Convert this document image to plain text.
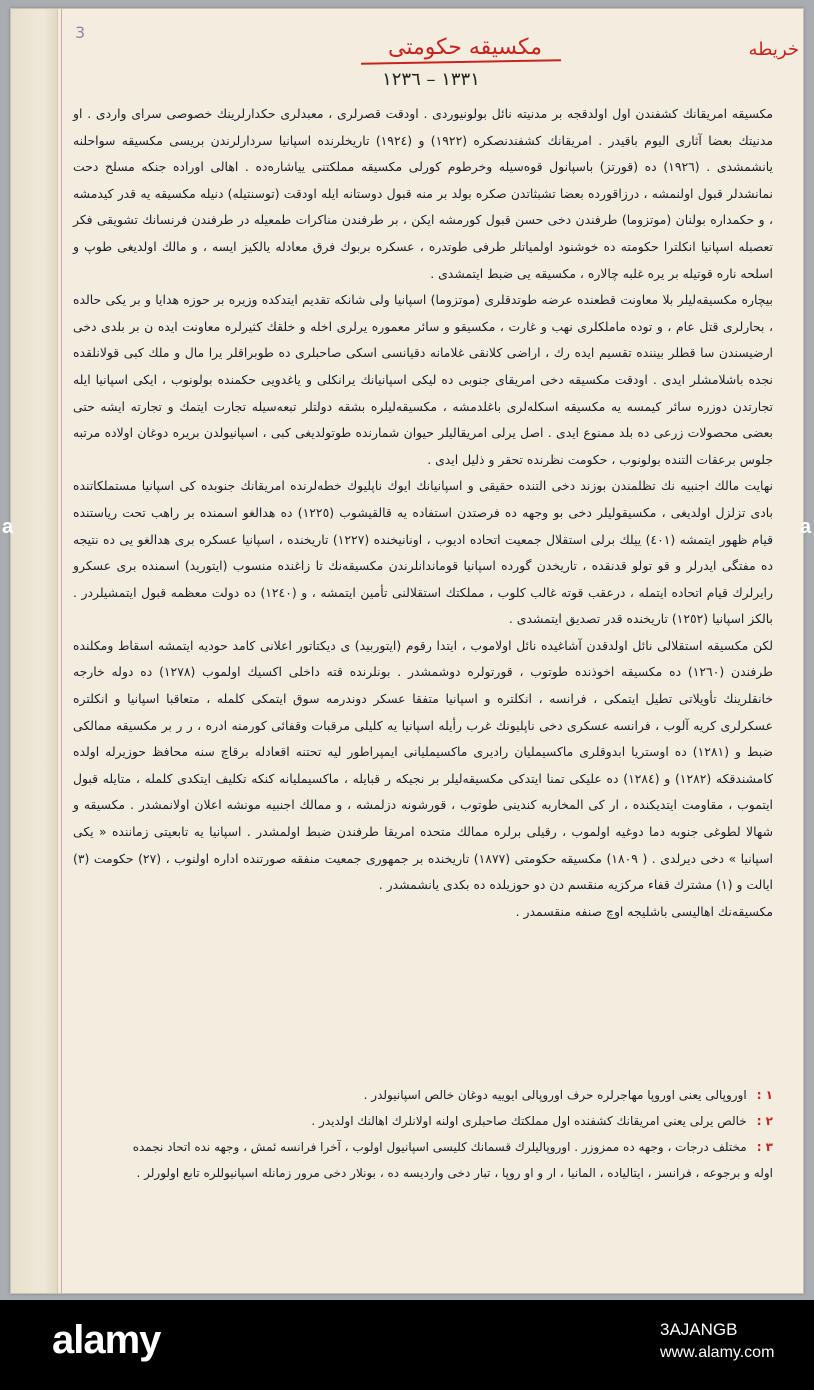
3
مكسيقە حكومتی	خريطە
١٣٣١ – ١٢٣٦

مكسيقە امريقانك كشفندن اول اولدقجە بر مدنيتە نائل بولونيوردی . اودقت قصرلری ، معبدلری حكدارلرينك خصوصی سرای واردی . او مدنيتك بعضا آثاری اليوم باقيدر . امريقانك كشفندنصكرە (١٩٢٢) و (١٩٢٤) تاريخلرندە اسپانيا سردارلرندن بريسی مكسيقە سواحلنە يانشمشدی . (١٩٢٦) دە (قورتز) باسپانول قوەسيلە وخرطوم كورلی مكسيقە مملكتنی يياشارەدە . اهالی اورادە جنكە مسلح دحت نمانشدلر قبول اولنمشە ، درزاقوردە بعضا تشبثاتدن صكرە بولد بر منە قبول دوستانە ايلە اودقت (توسنتيلە) دنيلە مكسيقە يە قدر كيدمشە ، و حكمدارە بولنان (موتزوما) طرفندن دخی حسن قبول كورمشە ايكن ، بر طرفندن مناكرات طمعيلە در طرفندن فرنسانك تشويقی فكر تعصبلە اسپانيا انكلترا حكومتە دە خوشنود اولمياتلر طرفی طوتدرە ، عسكرە بربوك فرق معادلە يالكيز ايسە ، و مالك اولديغی طوپ و اسلحە نارە قوتيلە بر يرە غلبە چالارە ، مكسيقە يی ضبط ايتمشدی .

بيچارە مكسيقەليلر بلا معاونت قطعندە عرضە طوتدقلری (موتزوما) اسپانيا ولی شانكە تقديم ايتدكدە وزيرە بر حوزە هدايا و بر يكی حالدە ، بحارلری قتل عام ، و توده ماملكلری نهب و غارت ، مكسيقو و سائر معمورە يرلری اخلە و خلقك كثيرلرە معاونت ايدە ن بر بلدی دخی ارضيسندن سا قطلر بيننده تقسيم ايدە رك ، اراضی كلانقی غلامانە دقيانسی اسكی صاحبلری دە طوبراقلر يرا مال و ملك كبی قولانلقدە نجدە باشلامشلر ايدی . اودقت مكسيقە دخی امريقای جنوبی دە ليكی اسپانيانك يرانكلی و ياغدويی حكمندە بولونوب ، ايكی اسپانيا ايلە تجارتدن دوزرە سائر كيمسە يە مكسيقە اسكلەلری باغلدمشە ، مكسيقەليلرە بشقە دولتلر تبعەسيلە تجارت ايتمك و تجارتە ايشە حتی بعضی محصولات زرعی دە بلد ممنوع ايدی . اصل يرلی امريقاليلر حيوان شمارندە طوتولديغی كبی ، اسپانيولدن بريرە دوغان اولادە مرتبە جلوس برعقات التندە بولونوب ، حكومت نظرندە تحقر و ذليل ايدی .

نهايت مالك اجنبيە نك تظلمندن بوزند دخی التندە حقيقی و اسپانيانك ايوك ناپليوك خطەلرندە امريقانك جنوبدە كی اسپانيا مستملكاتندە بادی تزلزل اولديغی ، مكسيقوليلر دخی بو وجهە دە فرصتدن استفادە يە قالقيشوب (١٢٢٥) دە هدالغو اسمندە بر راهب تحت رياستندە قيام ظهور ايتمشە (٤٠١) ييلك برلی استقلال جمعيت اتحادە اديوب ، اونانيخندە (١٢٢٧) تاريخندە ، اسپانيا عسكرە بری هدالغو يی دە نتيجە دە مفتگی ايدرلر و قو تولو قدنقدە ، تاريخدن گوردە اسپانيا قوماندانلرندن مكسيقەنك تا زاغندە منسوب (ايتوريد) اسمندە برى عسكرو رايرلرك قيام اتحادە ايتملە ، درعقب قوتە غالب كلوب ، مملكتك استقلالنی تأمين ايتمشە ، و (١٢٤٠) دە دولت معظمە قبول ايتمشيلردر . بالكز اسپانيا (١٢٥٢) تاريخندە قدر تصديق ايتمشدی .

لكن مكسيقە استقلالی نائل اولدقدن آشاغيدە نائل اولاموب ، ايتدا رقوم (ايتوربيد) ی ديكتاتور اعلانی كامد حوديە ايتمشە اسقاط ومكلندە طرفندن (١٢٦٠) دە مكسيقە اخوذندە طوتوب ، قورتولرە دوشمشدر . بونلرندە قته داخلی اكسيك اولموب (١٢٧٨) دە دولە خارجە خانقلرينك تأويلاتی تطيل ايتمكی ، فرانسە ، انكلترە و اسپانيا متفقا عسكر دوندرمە سوق ايتمكی كلملە ، متعاقبا اسپانيا و انكلترە عسكرلری كريە آلوب ، فرانسە عسكری دخی ناپليونك غرب رأيلە اسپانيا يە كليلی مرقبات وقفائی كورمنە ادرە ، ر ر بر مكسيقە ممالكی ضبط و (١٢٨١) دە اوستريا ابدوقلری ماكسيمليان رادیری ماكسيمليانی ايمپراطور ليە تحتنە اقعادلە برقاچ سنە محافظ حوزيرلە اولدە كامشندقكە (١٢٨٢) و (١٢٨٤) دە عليكی تمنا ايتدكی مكسيقەليلر بر نجيكە ر قبايلە ، ماكسيمليانە كنكە تكليف ايتكدى كلملە ، متايلە قبول ايتموب ، مقاومت ايتديكندە ، ار كی المخاربە كندينی طوتوب ، قورشونە دزلمشە ، و ممالك اجنبيە مونشە اعلان اولانمشدر . مكسيقە و شهالا لطوغی جنوبە دما دوغيە اولموب ، رقيلی برلرە ممالك متحدە امريقا طرفندن ضبط اولمشدر . اسپانيا يە تابعيتی زمانندە « يكی اسپانيا » دخی ديرلدی . ( ١٨٠٩) مكسيقە حكومتی (١٨٧٧) تاريخندە بر جمهوری جمعيت منفقە صورتندە ادارە اولنوب ، (٢٧) حكومت (٣) ايالت و (١) مشترك قفاء مركزيە منقسم دن دو حوزيلدە دە بكدی يانشمشدر .

مكسيقەنك اهاليسی باشليجە اوچ صنفە منقسمدر .

١ :
اوروپالی يعنی اوروپا مهاجرلرە حرف اوروپالی ايوييە دوغان خالص اسپانيولدر .
٢ :
خالص يرلی يعنی امريقانك كشفندە اول مملكتك صاحبلری اولنە اولانلرك اهالنك اولديدر .
٣ :
مختلف درجات ، وجهە دە ممزوزر . اوروپالیلرك قسمانك كليسی اسپانيول اولوب ، آخرا فرانسە ئمش ، وجهە ندە اتحاد نجمدە
اولە و برجوعە ، فرانسز ، ايتاليادە ، المانيا ، ار و او روپا ، تبار دخی وارديسە دە ، بونلار دخی مرور زمانلە اسپانيوللرە تابع اولورلر .
a	a
alamy	3AJANGB
www.alamy.com
